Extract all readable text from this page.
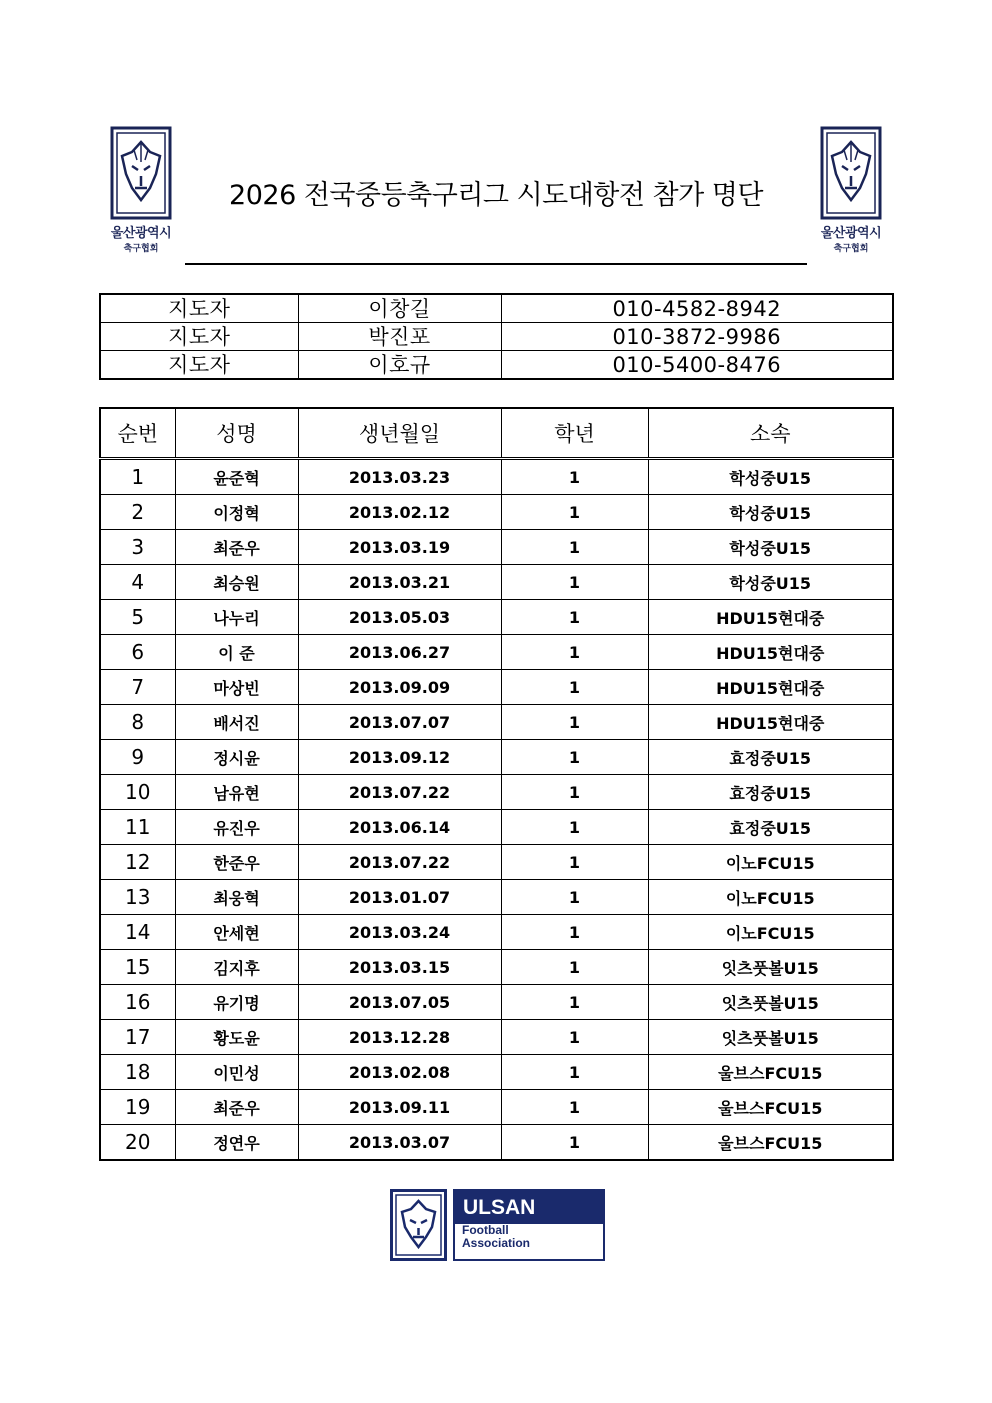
울산광역시
축구협회
울산광역시
축구협회
2026 전국중등축구리그 시도대항전 참가 명단
지도자	이창길	010-4582-8942
지도자	박진포	010-3872-9986
지도자	이호규	010-5400-8476
순번	성명	생년월일	학년	소속
1	윤준혁	2013.03.23	1	학성중U15
2	이정혁	2013.02.12	1	학성중U15
3	최준우	2013.03.19	1	학성중U15
4	최승원	2013.03.21	1	학성중U15
5	나누리	2013.05.03	1	HDU15현대중
6	이 준	2013.06.27	1	HDU15현대중
7	마상빈	2013.09.09	1	HDU15현대중
8	배서진	2013.07.07	1	HDU15현대중
9	정시윤	2013.09.12	1	효정중U15
10	남유현	2013.07.22	1	효정중U15
11	유진우	2013.06.14	1	효정중U15
12	한준우	2013.07.22	1	이노FCU15
13	최웅혁	2013.01.07	1	이노FCU15
14	안세현	2013.03.24	1	이노FCU15
15	김지후	2013.03.15	1	잇츠풋볼U15
16	유기명	2013.07.05	1	잇츠풋볼U15
17	황도윤	2013.12.28	1	잇츠풋볼U15
18	이민성	2013.02.08	1	울브스FCU15
19	최준우	2013.09.11	1	울브스FCU15
20	정연우	2013.03.07	1	울브스FCU15
ULSAN
Football
Association
